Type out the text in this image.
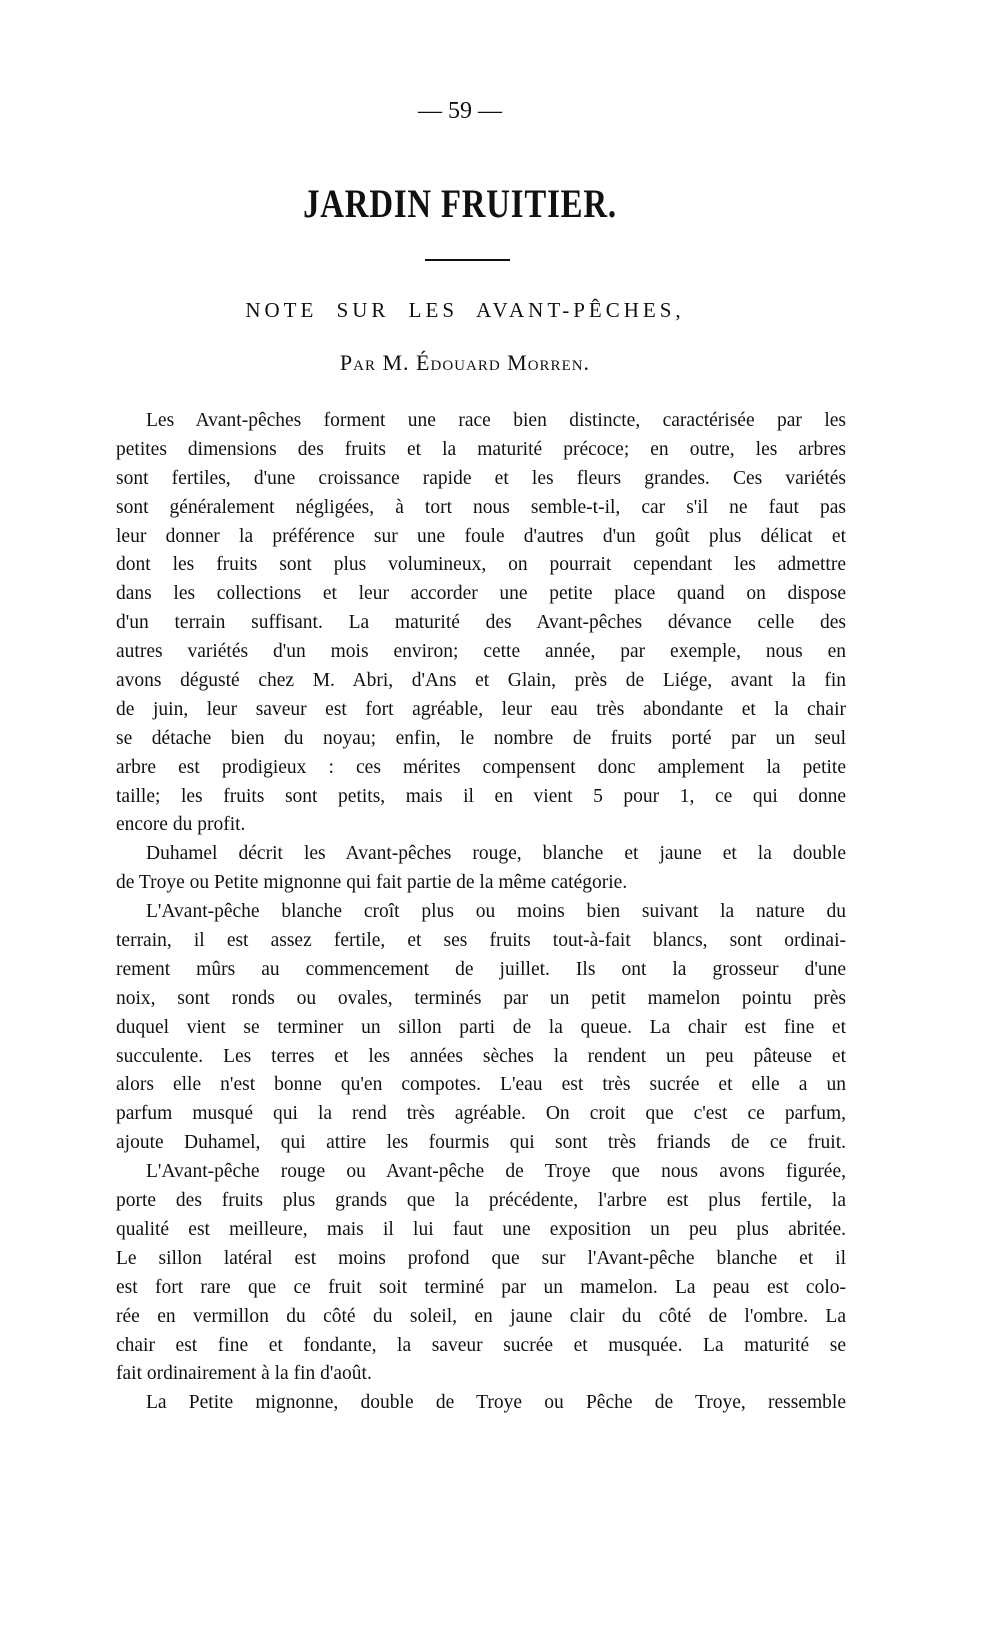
— 59 —
JARDIN FRUITIER.
NOTE SUR LES AVANT-PÊCHES,
Par M. Édouard Morren.
Les Avant-pêches forment une race bien distincte, caractérisée par les
petites dimensions des fruits et la maturité précoce; en outre, les arbres
sont fertiles, d'une croissance rapide et les fleurs grandes. Ces variétés
sont généralement négligées, à tort nous semble-t-il, car s'il ne faut pas
leur donner la préférence sur une foule d'autres d'un goût plus délicat et
dont les fruits sont plus volumineux, on pourrait cependant les admettre
dans les collections et leur accorder une petite place quand on dispose
d'un terrain suffisant. La maturité des Avant-pêches dévance celle des
autres variétés d'un mois environ; cette année, par exemple, nous en
avons dégusté chez M. Abri, d'Ans et Glain, près de Liége, avant la fin
de juin, leur saveur est fort agréable, leur eau très abondante et la chair
se détache bien du noyau; enfin, le nombre de fruits porté par un seul
arbre est prodigieux : ces mérites compensent donc amplement la petite
taille; les fruits sont petits, mais il en vient 5 pour 1, ce qui donne
encore du profit.
Duhamel décrit les Avant-pêches rouge, blanche et jaune et la double
de Troye ou Petite mignonne qui fait partie de la même catégorie.
L'Avant-pêche blanche croît plus ou moins bien suivant la nature du
terrain, il est assez fertile, et ses fruits tout-à-fait blancs, sont ordinai-
rement mûrs au commencement de juillet. Ils ont la grosseur d'une
noix, sont ronds ou ovales, terminés par un petit mamelon pointu près
duquel vient se terminer un sillon parti de la queue. La chair est fine et
succulente. Les terres et les années sèches la rendent un peu pâteuse et
alors elle n'est bonne qu'en compotes. L'eau est très sucrée et elle a un
parfum musqué qui la rend très agréable. On croit que c'est ce parfum,
ajoute Duhamel, qui attire les fourmis qui sont très friands de ce fruit.
L'Avant-pêche rouge ou Avant-pêche de Troye que nous avons figurée,
porte des fruits plus grands que la précédente, l'arbre est plus fertile, la
qualité est meilleure, mais il lui faut une exposition un peu plus abritée.
Le sillon latéral est moins profond que sur l'Avant-pêche blanche et il
est fort rare que ce fruit soit terminé par un mamelon. La peau est colo-
rée en vermillon du côté du soleil, en jaune clair du côté de l'ombre. La
chair est fine et fondante, la saveur sucrée et musquée. La maturité se
fait ordinairement à la fin d'août.
La Petite mignonne, double de Troye ou Pêche de Troye, ressemble
